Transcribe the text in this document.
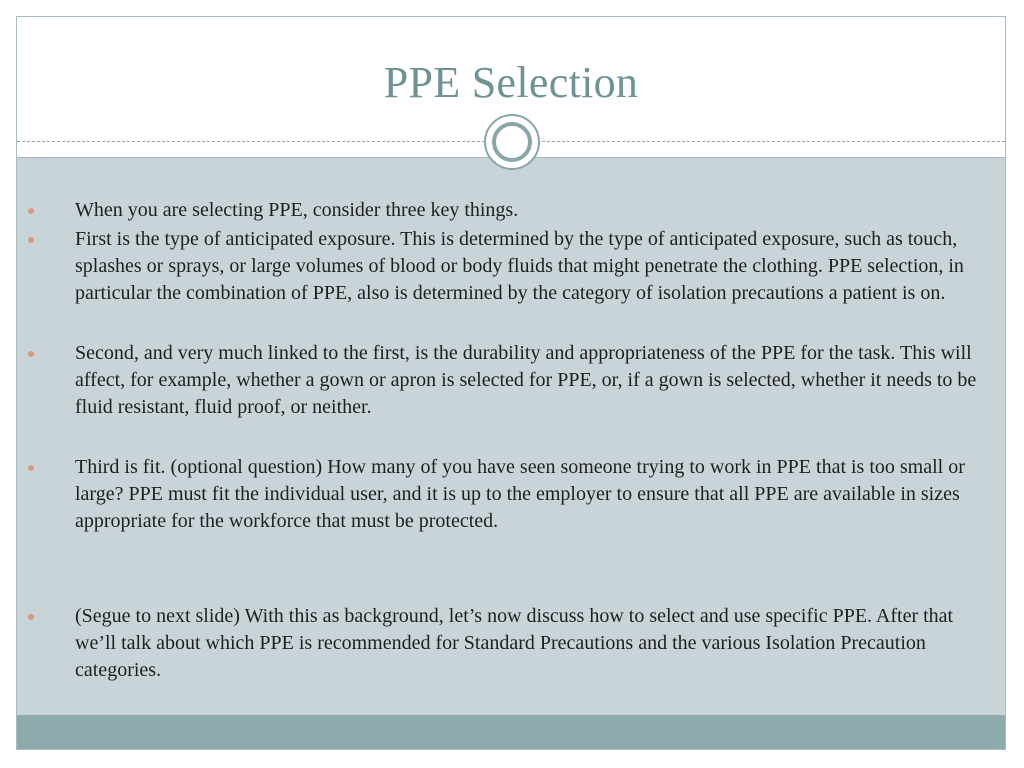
PPE Selection
When you are selecting PPE, consider three key things.
First is the type of anticipated exposure. This is determined by the type of anticipated exposure, such as touch, splashes or sprays, or large volumes of blood or body fluids that might penetrate the clothing. PPE selection, in particular the combination of PPE, also is determined by the category of isolation precautions a patient is on.
Second, and very much linked to the first, is the durability and appropriateness of the PPE for the task. This will affect, for example, whether a gown or apron is selected for PPE, or, if a gown is selected, whether it needs to be fluid resistant, fluid proof, or neither.
Third is fit. (optional question) How many of you have seen someone trying to work in PPE that is too small or large? PPE must fit the individual user, and it is up to the employer to ensure that all PPE are available in sizes appropriate for the workforce that must be protected.
(Segue to next slide) With this as background, let’s now discuss how to select and use specific PPE. After that we’ll talk about which PPE is recommended for Standard Precautions and the various Isolation Precaution categories.
